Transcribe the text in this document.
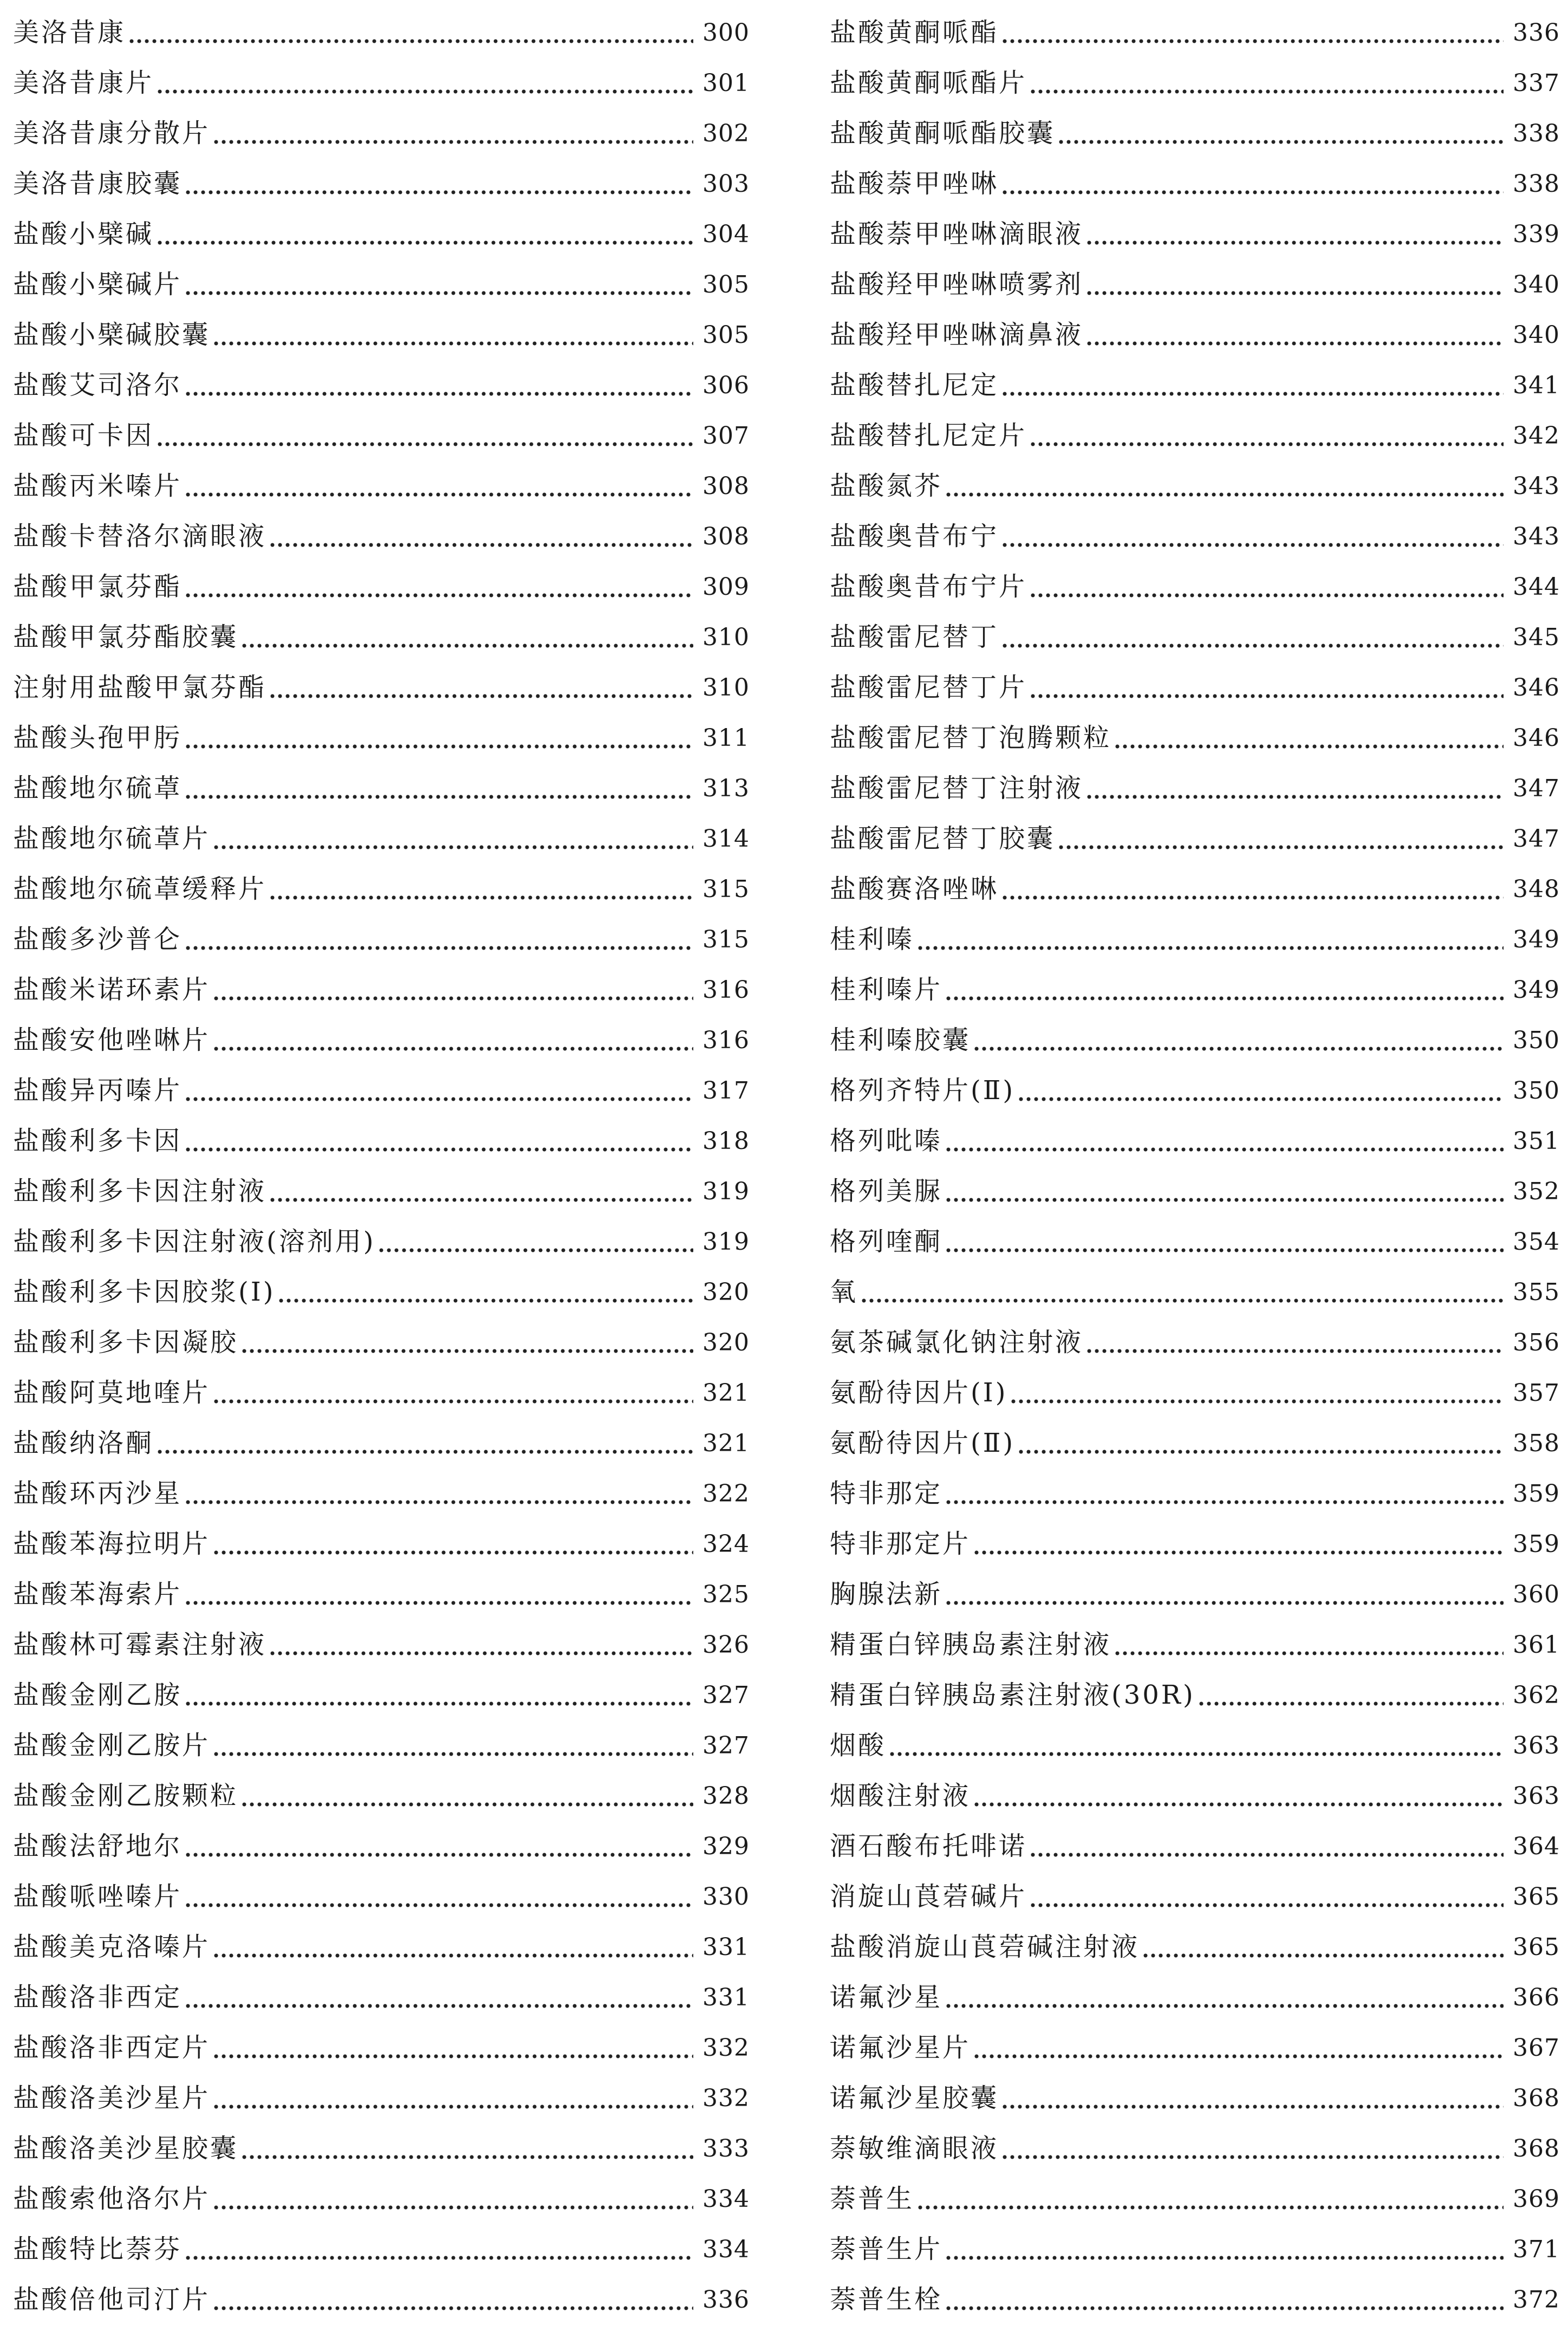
美洛昔康	300
美洛昔康片	301
美洛昔康分散片	302
美洛昔康胶囊	303
盐酸小檗碱	304
盐酸小檗碱片	305
盐酸小檗碱胶囊	305
盐酸艾司洛尔	306
盐酸可卡因	307
盐酸丙米嗪片	308
盐酸卡替洛尔滴眼液	308
盐酸甲氯芬酯	309
盐酸甲氯芬酯胶囊	310
注射用盐酸甲氯芬酯	310
盐酸头孢甲肟	311
盐酸地尔硫䓬	313
盐酸地尔硫䓬片	314
盐酸地尔硫䓬缓释片	315
盐酸多沙普仑	315
盐酸米诺环素片	316
盐酸安他唑啉片	316
盐酸异丙嗪片	317
盐酸利多卡因	318
盐酸利多卡因注射液	319
盐酸利多卡因注射液(溶剂用)	319
盐酸利多卡因胶浆(Ⅰ)	320
盐酸利多卡因凝胶	320
盐酸阿莫地喹片	321
盐酸纳洛酮	321
盐酸环丙沙星	322
盐酸苯海拉明片	324
盐酸苯海索片	325
盐酸林可霉素注射液	326
盐酸金刚乙胺	327
盐酸金刚乙胺片	327
盐酸金刚乙胺颗粒	328
盐酸法舒地尔	329
盐酸哌唑嗪片	330
盐酸美克洛嗪片	331
盐酸洛非西定	331
盐酸洛非西定片	332
盐酸洛美沙星片	332
盐酸洛美沙星胶囊	333
盐酸索他洛尔片	334
盐酸特比萘芬	334
盐酸倍他司汀片	336
盐酸黄酮哌酯	336
盐酸黄酮哌酯片	337
盐酸黄酮哌酯胶囊	338
盐酸萘甲唑啉	338
盐酸萘甲唑啉滴眼液	339
盐酸羟甲唑啉喷雾剂	340
盐酸羟甲唑啉滴鼻液	340
盐酸替扎尼定	341
盐酸替扎尼定片	342
盐酸氮芥	343
盐酸奥昔布宁	343
盐酸奥昔布宁片	344
盐酸雷尼替丁	345
盐酸雷尼替丁片	346
盐酸雷尼替丁泡腾颗粒	346
盐酸雷尼替丁注射液	347
盐酸雷尼替丁胶囊	347
盐酸赛洛唑啉	348
桂利嗪	349
桂利嗪片	349
桂利嗪胶囊	350
格列齐特片(Ⅱ)	350
格列吡嗪	351
格列美脲	352
格列喹酮	354
氧	355
氨茶碱氯化钠注射液	356
氨酚待因片(Ⅰ)	357
氨酚待因片(Ⅱ)	358
特非那定	359
特非那定片	359
胸腺法新	360
精蛋白锌胰岛素注射液	361
精蛋白锌胰岛素注射液(30R)	362
烟酸	363
烟酸注射液	363
酒石酸布托啡诺	364
消旋山莨菪碱片	365
盐酸消旋山莨菪碱注射液	365
诺氟沙星	366
诺氟沙星片	367
诺氟沙星胶囊	368
萘敏维滴眼液	368
萘普生	369
萘普生片	371
萘普生栓	372
